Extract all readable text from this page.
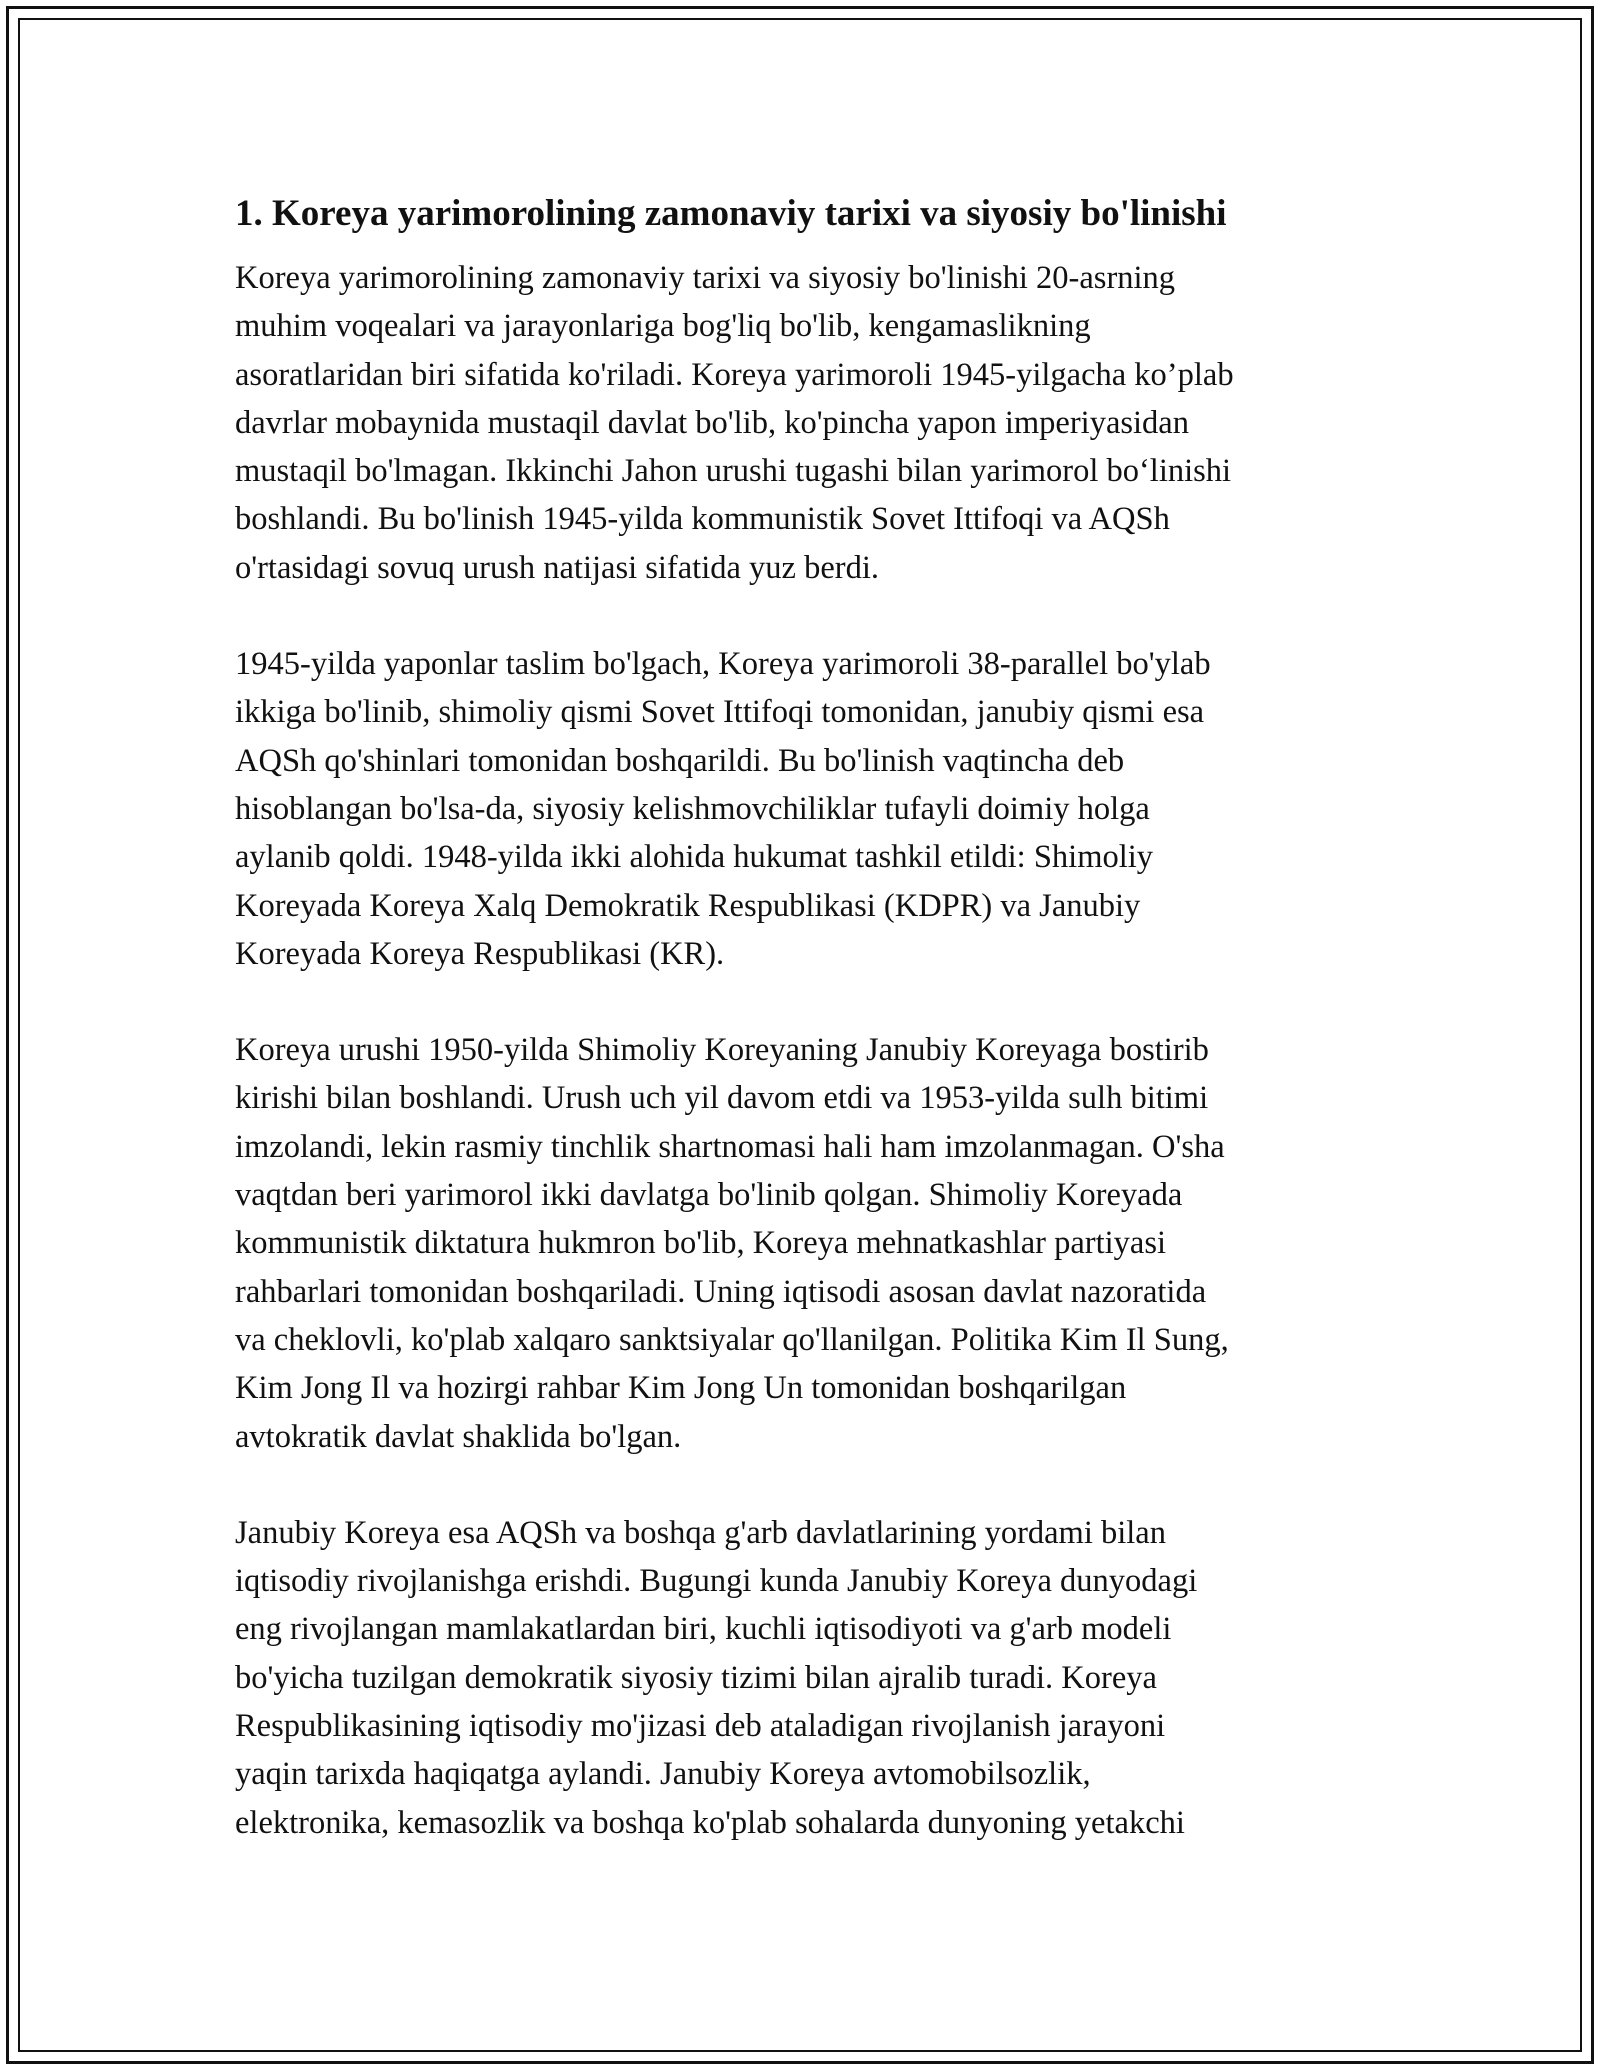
1. Koreya yarimorolining zamonaviy tarixi va siyosiy bo'linishi

Koreya yarimorolining zamonaviy tarixi va siyosiy bo'linishi 20-asrning
muhim voqealari va jarayonlariga bog'liq bo'lib, kengamaslikning
asoratlaridan biri sifatida ko'riladi. Koreya yarimoroli 1945-yilgacha ko’plab
davrlar mobaynida mustaqil davlat bo'lib, ko'pincha yapon imperiyasidan
mustaqil bo'lmagan. Ikkinchi Jahon urushi tugashi bilan yarimorol bo‘linishi
boshlandi. Bu bo'linish 1945-yilda kommunistik Sovet Ittifoqi va AQSh
o'rtasidagi sovuq urush natijasi sifatida yuz berdi.

1945-yilda yaponlar taslim bo'lgach, Koreya yarimoroli 38-parallel bo'ylab
ikkiga bo'linib, shimoliy qismi Sovet Ittifoqi tomonidan, janubiy qismi esa
AQSh qo'shinlari tomonidan boshqarildi. Bu bo'linish vaqtincha deb
hisoblangan bo'lsa-da, siyosiy kelishmovchiliklar tufayli doimiy holga
aylanib qoldi. 1948-yilda ikki alohida hukumat tashkil etildi: Shimoliy
Koreyada Koreya Xalq Demokratik Respublikasi (KDPR) va Janubiy
Koreyada Koreya Respublikasi (KR).

Koreya urushi 1950-yilda Shimoliy Koreyaning Janubiy Koreyaga bostirib
kirishi bilan boshlandi. Urush uch yil davom etdi va 1953-yilda sulh bitimi
imzolandi, lekin rasmiy tinchlik shartnomasi hali ham imzolanmagan. O'sha
vaqtdan beri yarimorol ikki davlatga bo'linib qolgan. Shimoliy Koreyada
kommunistik diktatura hukmron bo'lib, Koreya mehnatkashlar partiyasi
rahbarlari tomonidan boshqariladi. Uning iqtisodi asosan davlat nazoratida
va cheklovli, ko'plab xalqaro sanktsiyalar qo'llanilgan. Politika Kim Il Sung,
Kim Jong Il va hozirgi rahbar Kim Jong Un tomonidan boshqarilgan
avtokratik davlat shaklida bo'lgan.

Janubiy Koreya esa AQSh va boshqa g'arb davlatlarining yordami bilan
iqtisodiy rivojlanishga erishdi. Bugungi kunda Janubiy Koreya dunyodagi
eng rivojlangan mamlakatlardan biri, kuchli iqtisodiyoti va g'arb modeli
bo'yicha tuzilgan demokratik siyosiy tizimi bilan ajralib turadi. Koreya
Respublikasining iqtisodiy mo'jizasi deb ataladigan rivojlanish jarayoni
yaqin tarixda haqiqatga aylandi. Janubiy Koreya avtomobilsozlik,
elektronika, kemasozlik va boshqa ko'plab sohalarda dunyoning yetakchi
